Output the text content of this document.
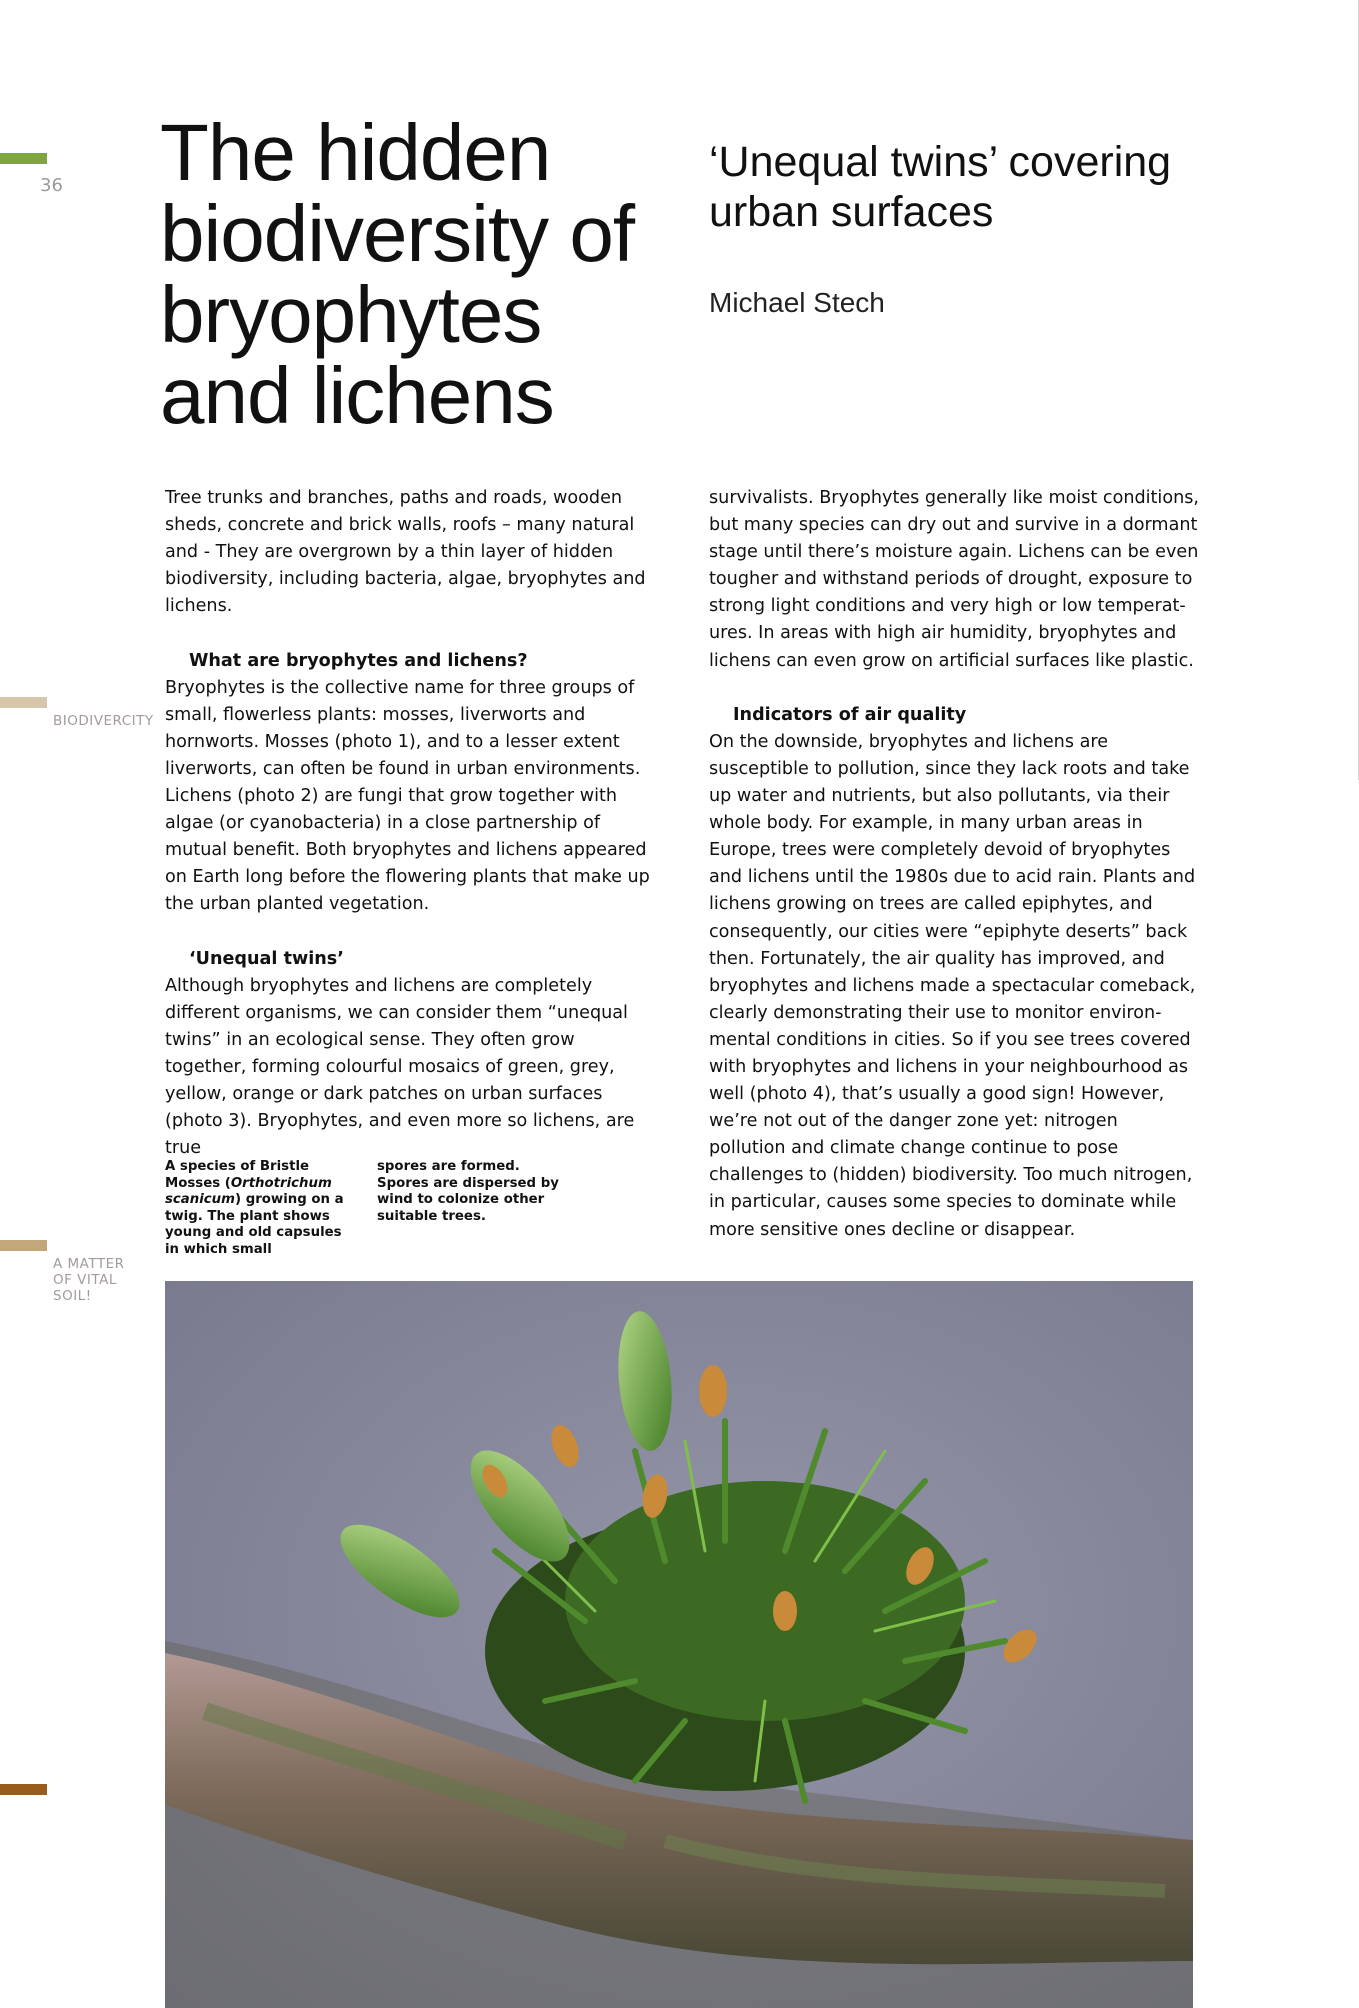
36
BIODIVERCITY
A MATTER OF VITAL SOIL!
The hidden biodiversity of bryophytes and lichens
‘Unequal twins’ covering urban surfaces
Michael Stech

Tree trunks and branches, paths and roads, wooden sheds, concrete and brick walls, roofs – many natural and - They are overgrown by a thin layer of hidden biodiversity, including bacteria, algae, bryophytes and lichens.

What are bryophytes and lichens?

Bryophytes is the collective name for three groups of small, flowerless plants: mosses, liverworts and hornworts. Mosses (photo 1), and to a lesser extent liverworts, can often be found in urban environments. Lichens (photo 2) are fungi that grow together with algae (or cyanobacteria) in a close partnership of mutual benefit. Both bryophytes and lichens appeared on Earth long before the flowering plants that make up the urban planted vegetation.

‘Unequal twins’

Although bryophytes and lichens are completely different organisms, we can consider them “unequal twins” in an ecological sense. They often grow together, forming colourful mosaics of green, grey, yellow, orange or dark patches on urban surfaces (photo 3). Bryophytes, and even more so lichens, are true

survivalists. Bryophytes generally like moist conditions, but many species can dry out and survive in a dormant stage until there’s moisture again. Lichens can be even tougher and withstand periods of drought, exposure to strong light conditions and very high or low temperat-ures. In areas with high air humidity, bryophytes and lichens can even grow on artificial surfaces like plastic.

Indicators of air quality

On the downside, bryophytes and lichens are susceptible to pollution, since they lack roots and take up water and nutrients, but also pollutants, via their whole body. For example, in many urban areas in Europe, trees were completely devoid of bryophytes and lichens until the 1980s due to acid rain. Plants and lichens growing on trees are called epiphytes, and consequently, our cities were “epiphyte deserts” back then. Fortunately, the air quality has improved, and bryophytes and lichens made a spectacular comeback, clearly demonstrating their use to monitor environ-mental conditions in cities. So if you see trees covered with bryophytes and lichens in your neighbourhood as well (photo 4), that’s usually a good sign! However, we’re not out of the danger zone yet: nitrogen pollution and climate change continue to pose challenges to (hidden) biodiversity. Too much nitrogen, in particular, causes some species to dominate while more sensitive ones decline or disappear.

A species of Bristle Mosses (Orthotrichum scanicum) growing on a twig. The plant shows young and old capsules in which small
spores are formed. Spores are dispersed by wind to colonize other suitable trees.
